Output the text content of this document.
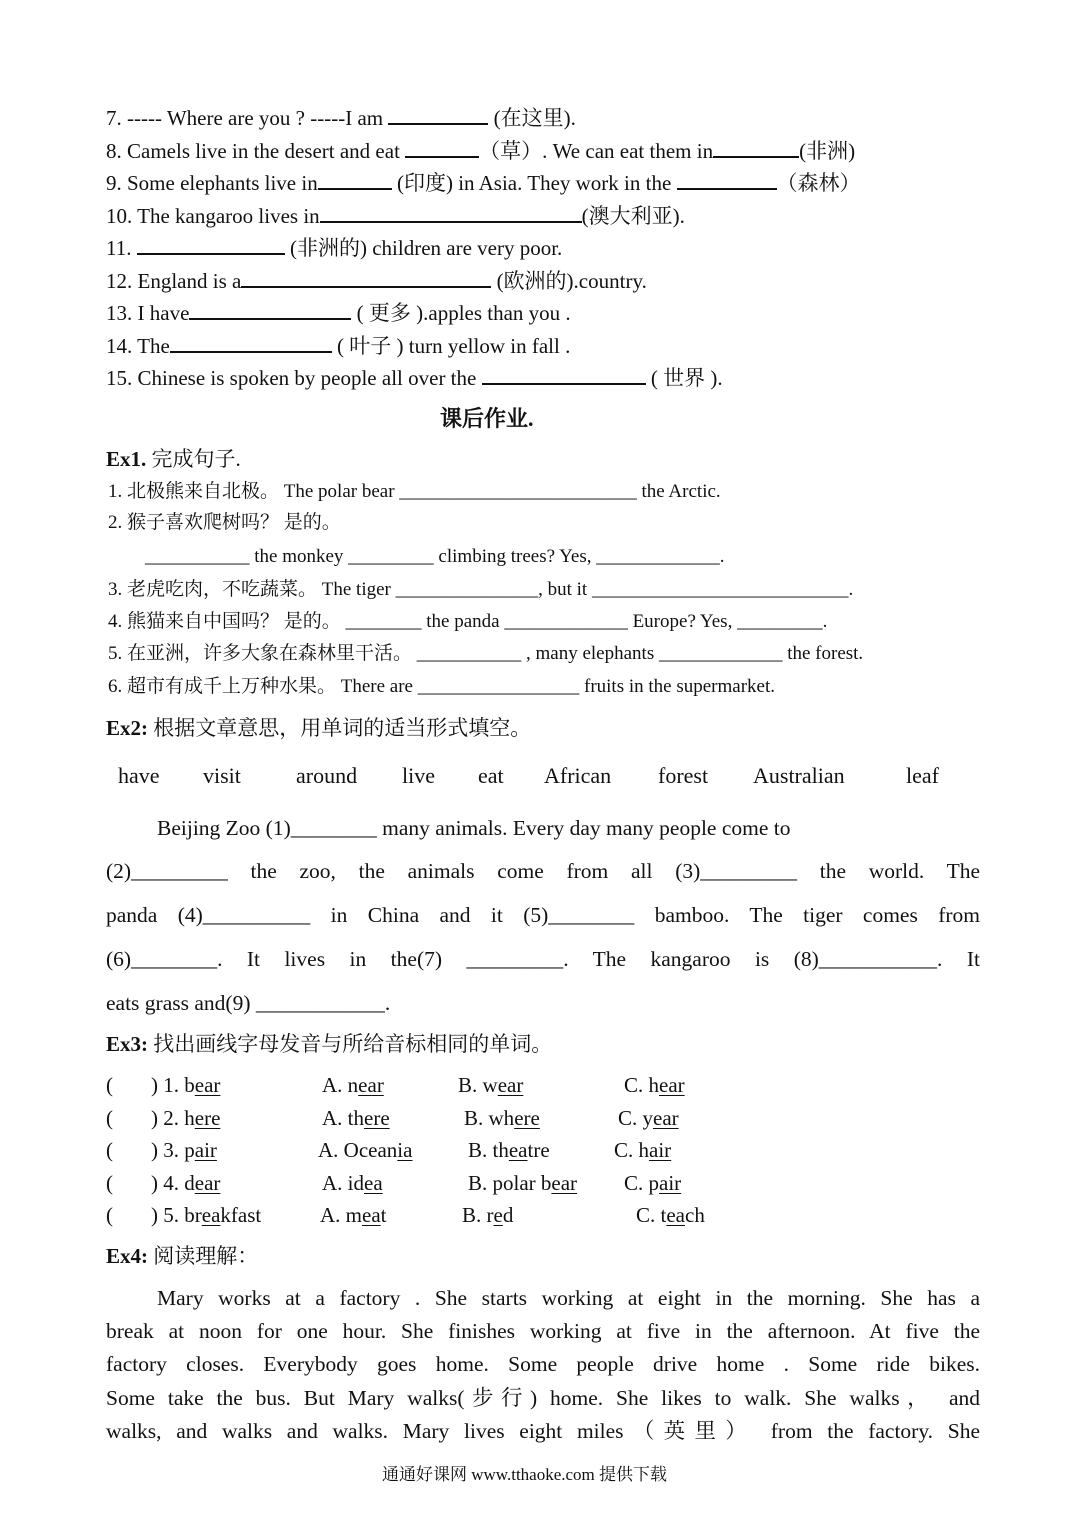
7. ----- Where are you ? -----I am	(在这里).
8. Camels live in the desert and eat	（草）. We can eat them in	(非洲)
9. Some elephants live in	(印度) in Asia. They work in the	（森林）
10. The kangaroo lives in	(澳大利亚).
11.	(非洲的) children are very poor.
12. England is a	(欧洲的).country.
13. I have	( 更多 ).apples than you .
14. The	( 叶子 ) turn yellow in fall .
15. Chinese is spoken by people all over the	( 世界 ).
课后作业.
Ex1. 完成句子.
1. 北极熊来自北极。 The polar bear _________________________ the Arctic.
2. 猴子喜欢爬树吗？ 是的。
___________ the monkey _________ climbing trees? Yes, _____________.
3. 老虎吃肉，不吃蔬菜。 The tiger _______________, but it ___________________________.
4. 熊猫来自中国吗？ 是的。 ________ the panda _____________ Europe? Yes, _________.
5. 在亚洲，许多大象在森林里干活。 ___________ , many elephants _____________ the forest.
6. 超市有成千上万种水果。 There are _________________ fruits in the supermarket.
Ex2: 根据文章意思，用单词的适当形式填空。
have visit	around live eat African forest Australian	leaf
Beijing Zoo (1)________ many animals. Every day many people come to
(2)_________ the zoo, the animals come from all (3)_________ the world. The
panda (4)__________ in China and it (5)________ bamboo. The tiger comes from
(6)________. It lives in the(7) _________. The kangaroo is (8)___________. It
eats grass and(9) ____________.
Ex3: 找出画线字母发音与所给音标相同的单词。
( ) 1. bear	A. near	B. wear	C. hear
( ) 2. here	A. there	B. where	C. year
( ) 3. pair	A. Oceania	B. theatre	C. hair
( ) 4. dear	A. idea	B. polar bear C. pair
( ) 5. breakfast	A. meat	B. red	C. teach
Ex4: 阅读理解：
Mary works at a factory . She starts working at eight in the morning. She has a
break at noon for one hour. She finishes working at five in the afternoon. At five the
factory closes. Everybody goes home. Some people drive home . Some ride bikes.
Some take the bus. But Mary walks(步行) home. She likes to walk. She walks， and
walks, and walks and walks. Mary lives eight miles（英里） from the factory. She
通通好课网 www.tthaoke.com 提供下载
